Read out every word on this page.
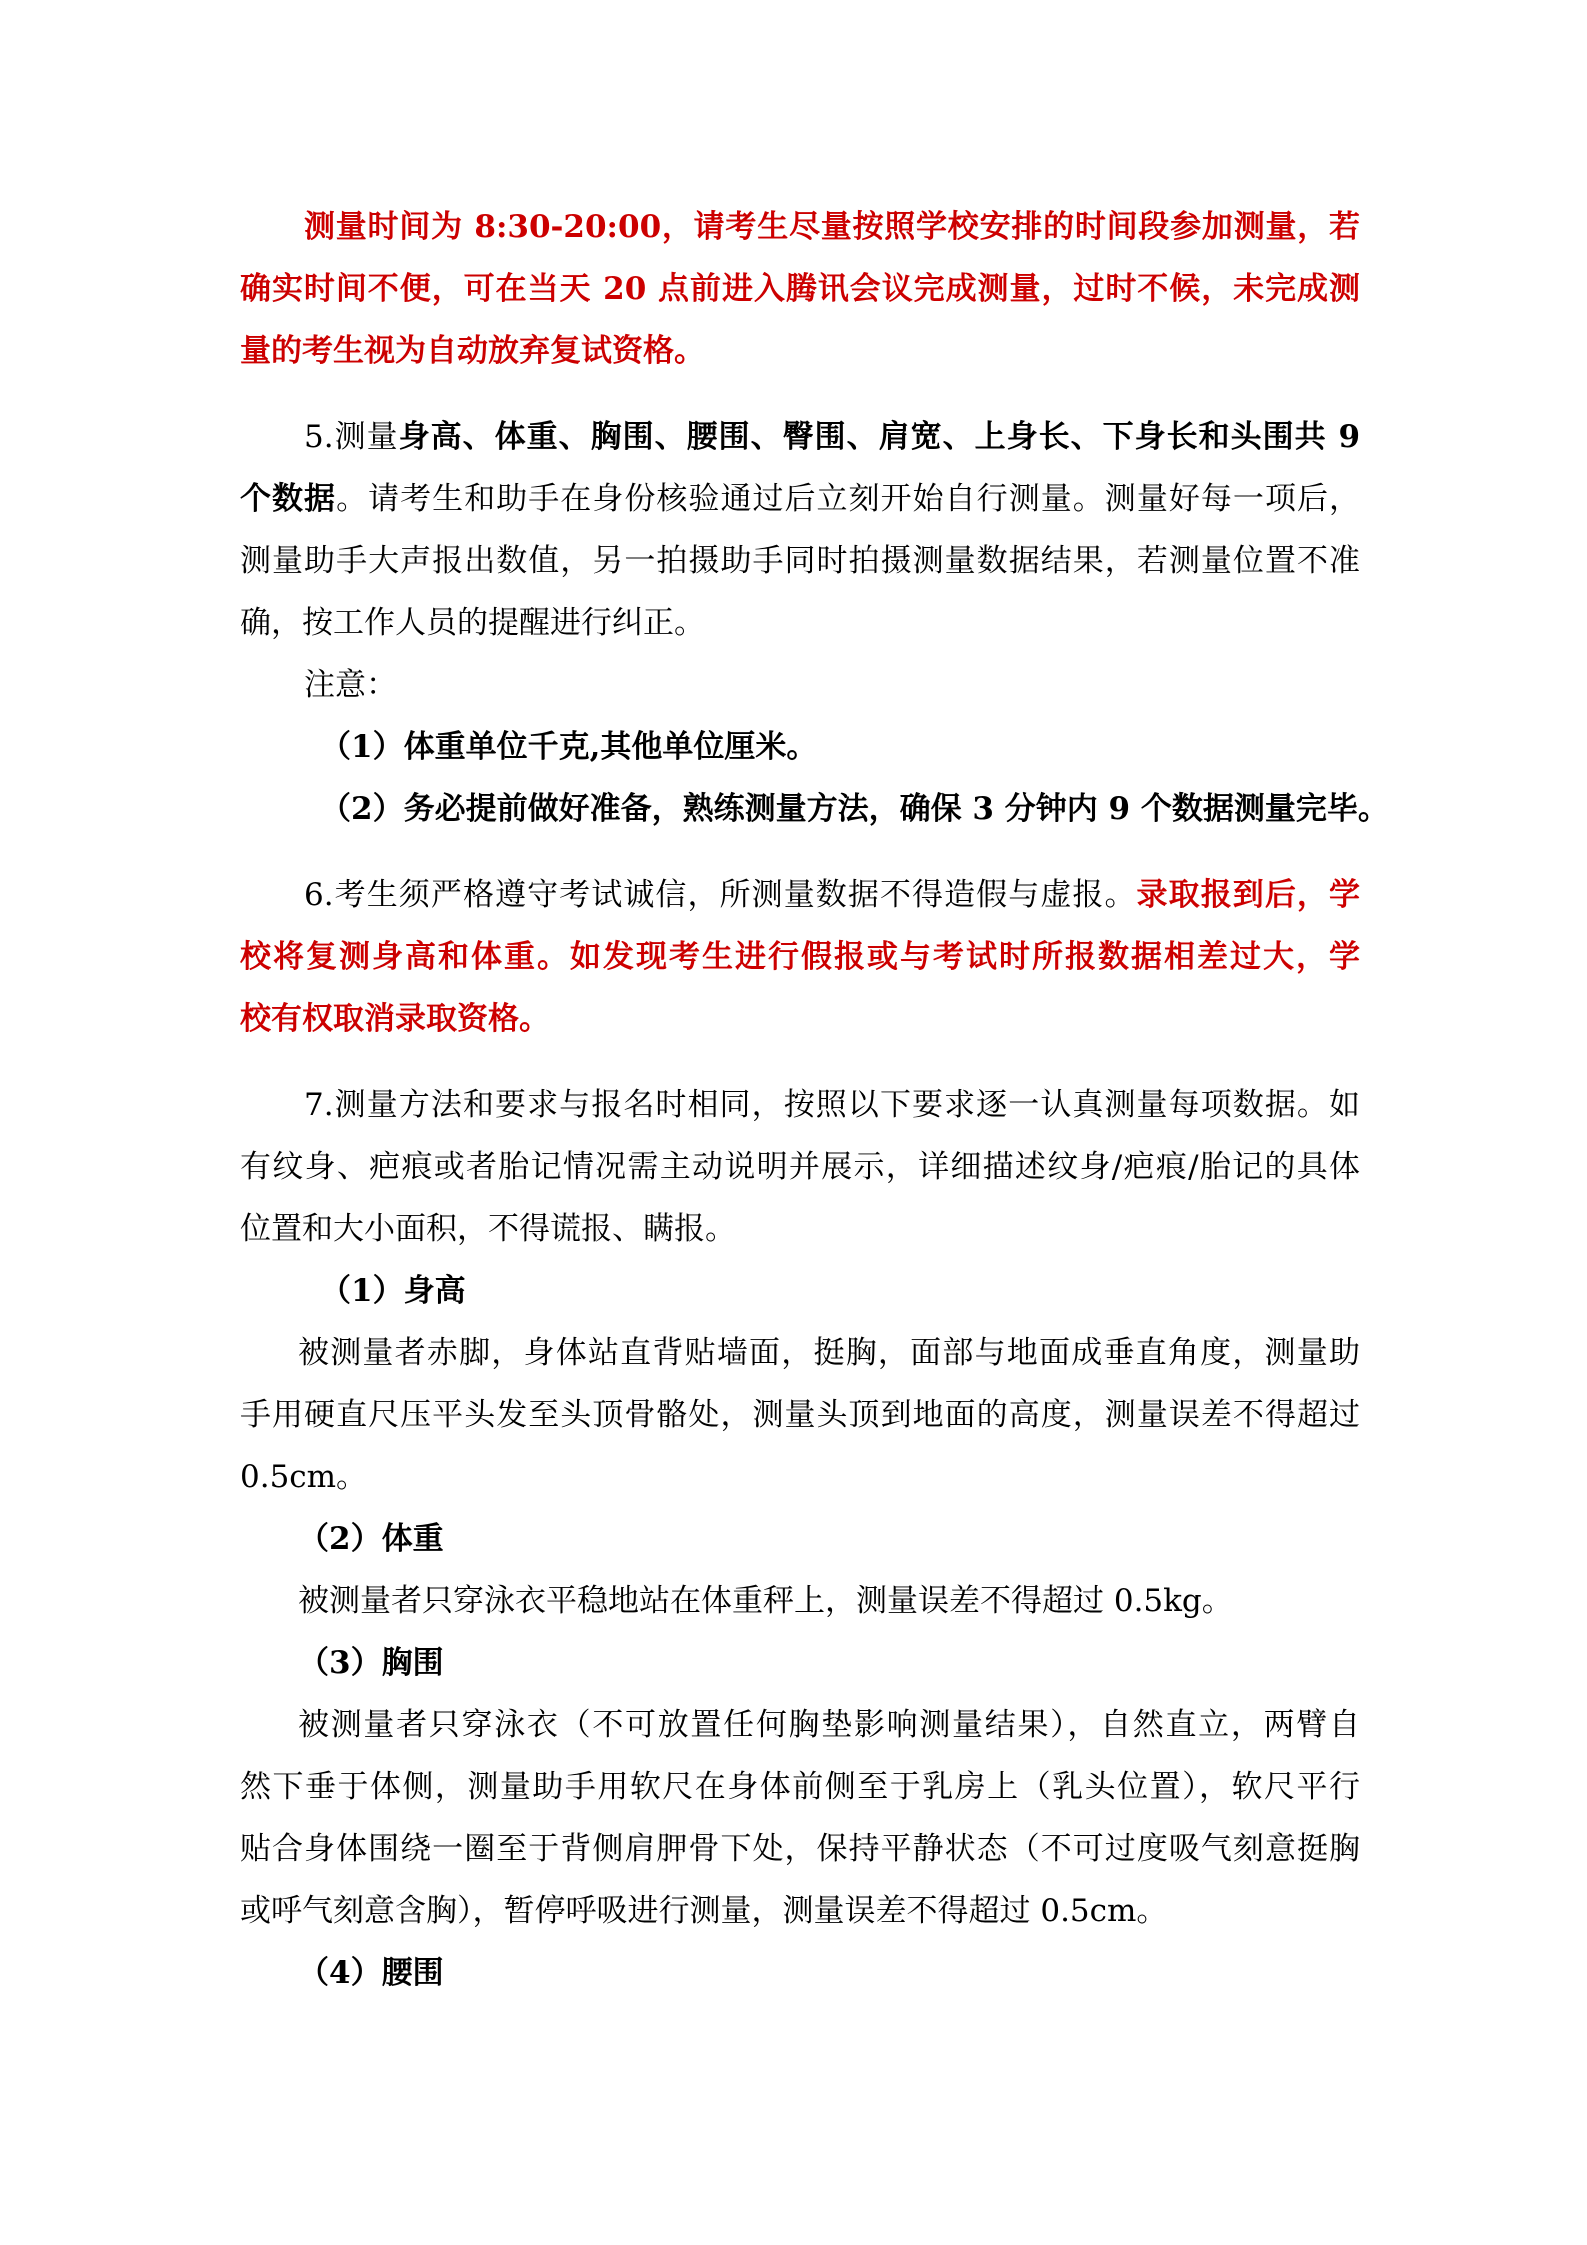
测量时间为 8:30-20:00，请考生尽量按照学校安排的时间段参加测量，若
确实时间不便，可在当天 20 点前进入腾讯会议完成测量，过时不候，未完成测
量的考生视为自动放弃复试资格。
5.测量身高、体重、胸围、腰围、臀围、肩宽、上身长、下身长和头围共 9
个数据。请考生和助手在身份核验通过后立刻开始自行测量。测量好每一项后，
测量助手大声报出数值，另一拍摄助手同时拍摄测量数据结果，若测量位置不准
确，按工作人员的提醒进行纠正。
注意：
（1）体重单位千克,其他单位厘米。
（2）务必提前做好准备，熟练测量方法，确保 3 分钟内 9 个数据测量完毕。
6.考生须严格遵守考试诚信，所测量数据不得造假与虚报。录取报到后，学
校将复测身高和体重。如发现考生进行假报或与考试时所报数据相差过大，学
校有权取消录取资格。
7.测量方法和要求与报名时相同，按照以下要求逐一认真测量每项数据。如
有纹身、疤痕或者胎记情况需主动说明并展示，详细描述纹身/疤痕/胎记的具体
位置和大小面积，不得谎报、瞒报。
（1）身高
被测量者赤脚，身体站直背贴墙面，挺胸，面部与地面成垂直角度，测量助
手用硬直尺压平头发至头顶骨骼处，测量头顶到地面的高度，测量误差不得超过
0.5cm。
（2）体重
被测量者只穿泳衣平稳地站在体重秤上，测量误差不得超过 0.5kg。
（3）胸围
被测量者只穿泳衣（不可放置任何胸垫影响测量结果），自然直立，两臂自
然下垂于体侧，测量助手用软尺在身体前侧至于乳房上（乳头位置），软尺平行
贴合身体围绕一圈至于背侧肩胛骨下处，保持平静状态（不可过度吸气刻意挺胸
或呼气刻意含胸），暂停呼吸进行测量，测量误差不得超过 0.5cm。
（4）腰围
